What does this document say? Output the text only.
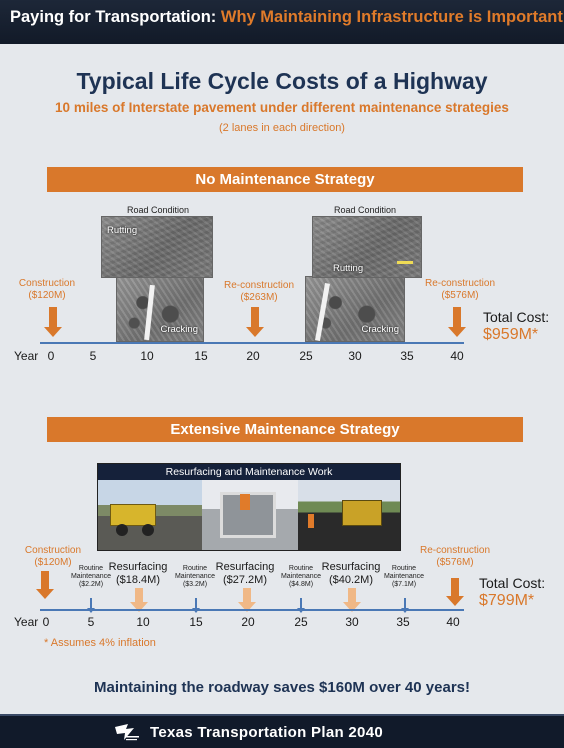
Paying for Transportation: Why Maintaining Infrastructure is Important
Typical Life Cycle Costs of a Highway
10 miles of Interstate pavement under different maintenance strategies
(2 lanes in each direction)
No Maintenance Strategy
Road Condition
Cracking
Rutting
Road Condition
Cracking
Rutting
Construction
($120M)
Re-construction
($263M)
Re-construction
($576M)
Total Cost:
$959M*
Year 0	5	10	15	20	25	30	35	40
Extensive Maintenance Strategy
Resurfacing and Maintenance Work
Construction
($120M)
Routine
Maintenance
($2.2M)
Routine
Maintenance
($3.2M)
Routine
Maintenance
($4.8M)
Routine
Maintenance
($7.1M)
Resurfacing
($18.4M)
Resurfacing
($27.2M)
Resurfacing
($40.2M)
Re-construction
($576M)
Total Cost:
$799M*
Year 0	5	10	15	20	25	30	35	40
* Assumes 4% inflation
Maintaining the roadway saves $160M over 40 years!
Texas Transportation Plan 2040
